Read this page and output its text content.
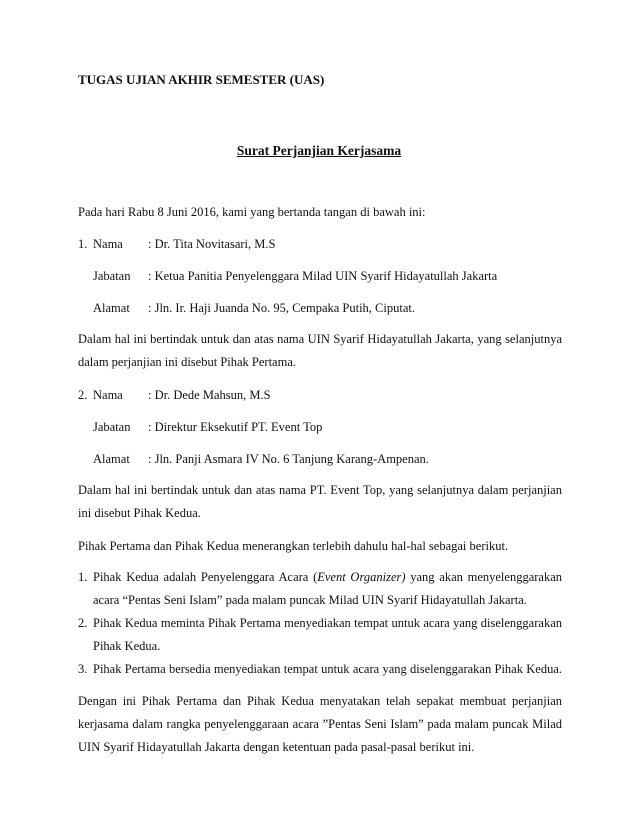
TUGAS UJIAN AKHIR SEMESTER (UAS)
Surat Perjanjian Kerjasama
Pada hari Rabu 8 Juni 2016, kami yang bertanda tangan di bawah ini:
1. Nama : Dr. Tita Novitasari, M.S
Jabatan : Ketua Panitia Penyelenggara Milad UIN Syarif Hidayatullah Jakarta
Alamat : Jln. Ir. Haji Juanda No. 95, Cempaka Putih, Ciputat.
Dalam hal ini bertindak untuk dan atas nama UIN Syarif Hidayatullah Jakarta, yang selanjutnya
dalam perjanjian ini disebut Pihak Pertama.
2. Nama : Dr. Dede Mahsun, M.S
Jabatan : Direktur Eksekutif PT. Event Top
Alamat : Jln. Panji Asmara IV No. 6 Tanjung Karang-Ampenan.
Dalam hal ini bertindak untuk dan atas nama PT. Event Top, yang selanjutnya dalam perjanjian
ini disebut Pihak Kedua.
Pihak Pertama dan Pihak Kedua menerangkan terlebih dahulu hal-hal sebagai berikut.
1. Pihak Kedua adalah Penyelenggara Acara (Event Organizer) yang akan menyelenggarakan
acara “Pentas Seni Islam” pada malam puncak Milad UIN Syarif Hidayatullah Jakarta.
2. Pihak Kedua meminta Pihak Pertama menyediakan tempat untuk acara yang diselenggarakan
Pihak Kedua.
3. Pihak Pertama bersedia menyediakan tempat untuk acara yang diselenggarakan Pihak Kedua.
Dengan ini Pihak Pertama dan Pihak Kedua menyatakan telah sepakat membuat perjanjian
kerjasama dalam rangka penyelenggaraan acara ”Pentas Seni Islam” pada malam puncak Milad
UIN Syarif Hidayatullah Jakarta dengan ketentuan pada pasal-pasal berikut ini.
